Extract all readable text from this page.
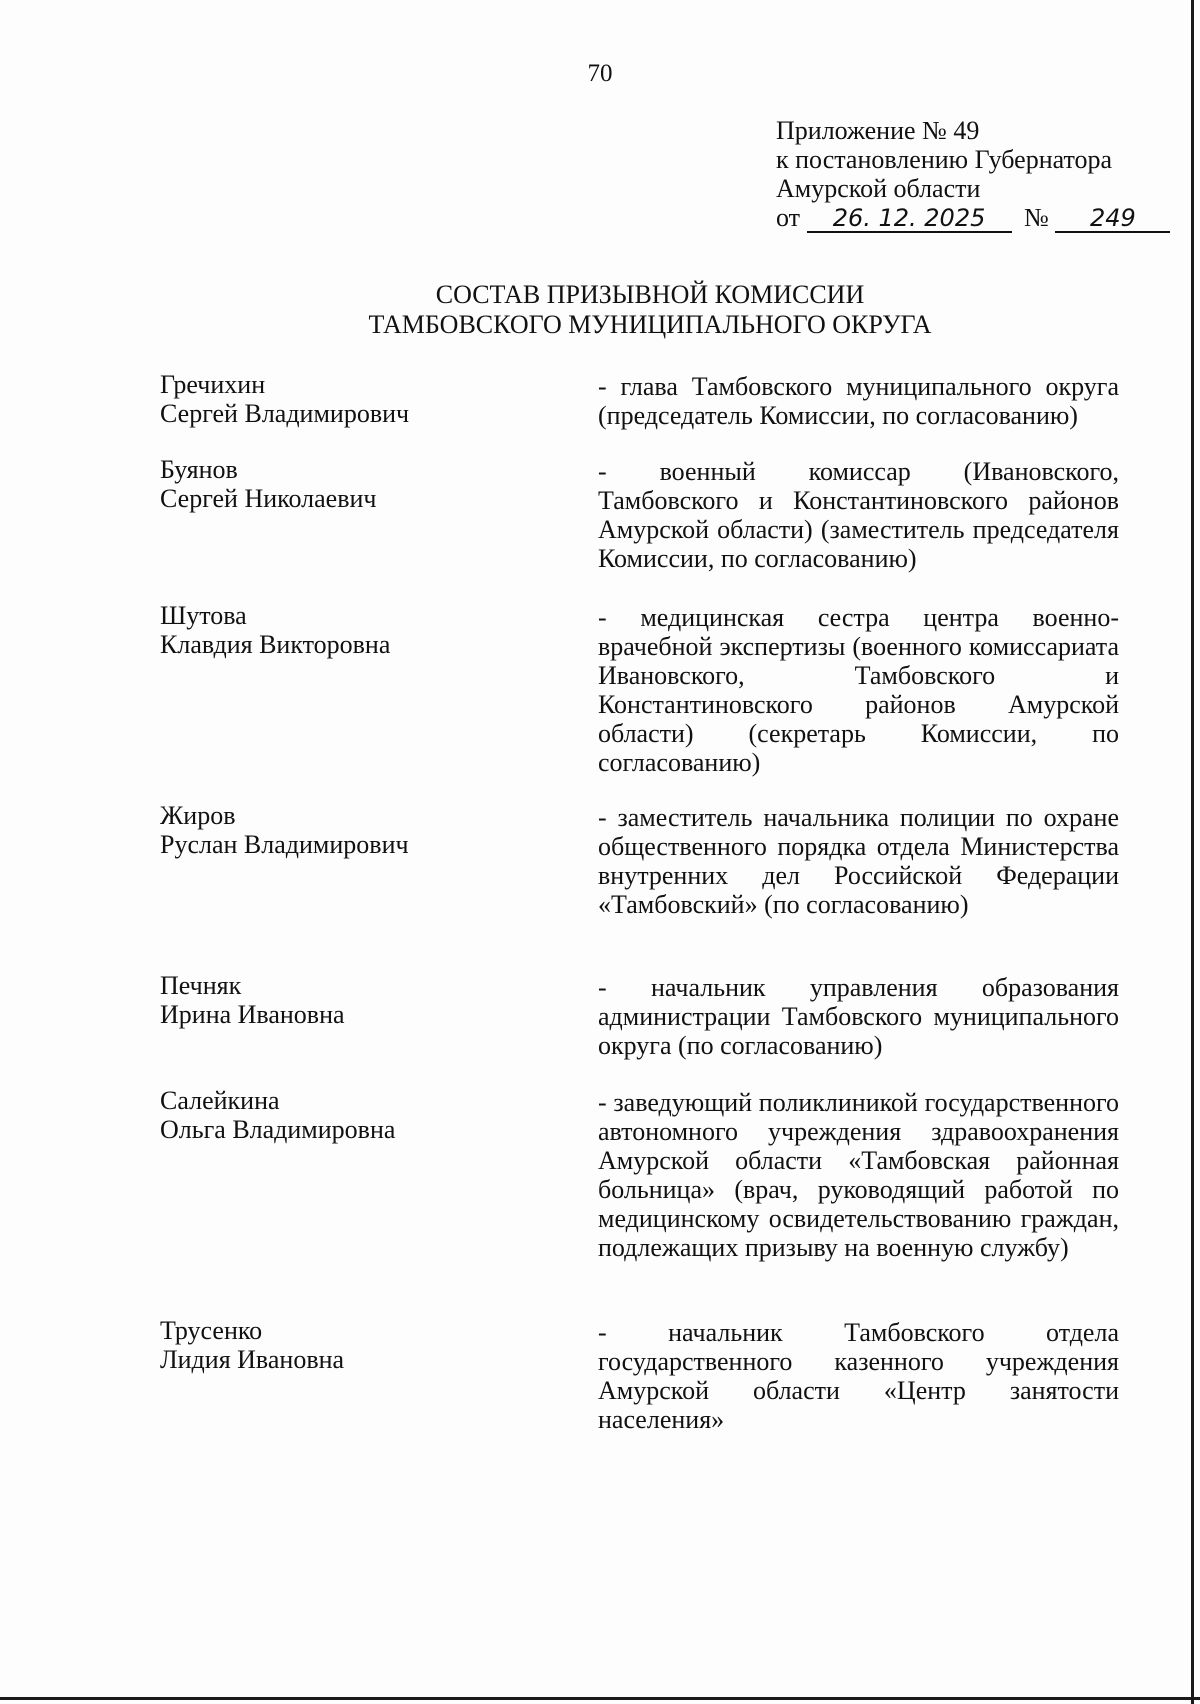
70
Приложение № 49
к постановлению Губернатора
Амурской области
от 26. 12. 2025 № 249
СОСТАВ ПРИЗЫВНОЙ КОМИССИИ
ТАМБОВСКОГО МУНИЦИПАЛЬНОГО ОКРУГА
Гречихин
Сергей Владимирович
- глава Тамбовского муниципального округа (председатель Комиссии, по согласованию)
Буянов
Сергей Николаевич
- военный комиссар (Ивановского, Тамбовского и Константиновского районов Амурской области) (заместитель председателя Комиссии, по согласованию)
Шутова
Клавдия Викторовна
- медицинская сестра центра военно-врачебной экспертизы (военного комиссариата Ивановского, Тамбовского и Константиновского районов Амурской области) (секретарь Комиссии, по согласованию)
Жиров
Руслан Владимирович
- заместитель начальника полиции по охране общественного порядка отдела Министерства внутренних дел Российской Федерации «Тамбовский» (по согласованию)
Печняк
Ирина Ивановна
- начальник управления образования администрации Тамбовского муниципального округа (по согласованию)
Салейкина
Ольга Владимировна
- заведующий поликлиникой государственного автономного учреждения здравоохранения Амурской области «Тамбовская районная больница» (врач, руководящий работой по медицинскому освидетельствованию граждан, подлежащих призыву на военную службу)
Трусенко
Лидия Ивановна
- начальник Тамбовского отдела государственного казенного учреждения Амурской области «Центр занятости населения»
